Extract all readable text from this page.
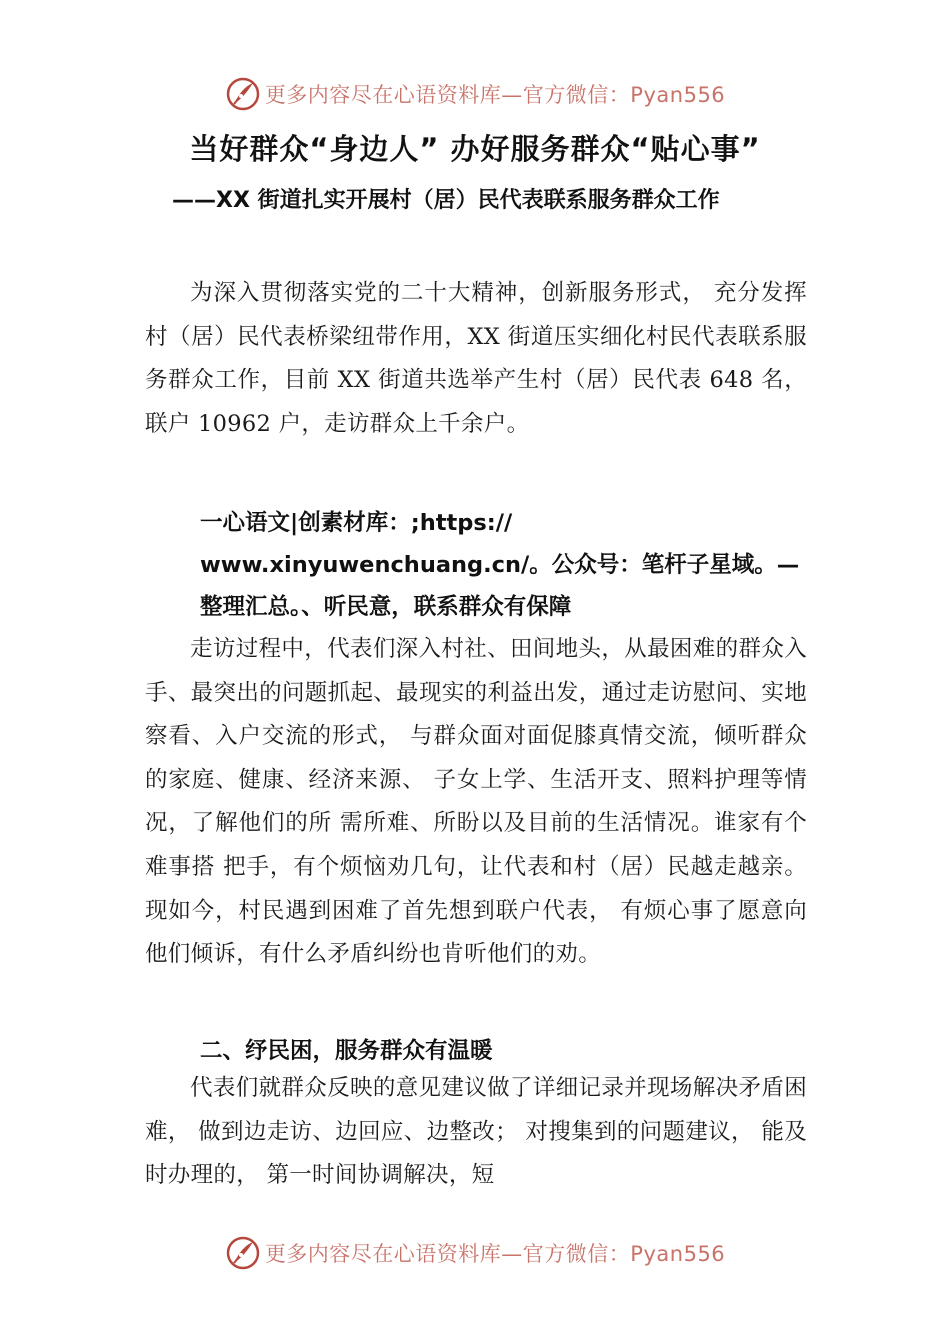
更多内容尽在心语资料库—官方微信：Pyan556
当好群众“身边人” 办好服务群众“贴心事”
——XX 街道扎实开展村（居）民代表联系服务群众工作

为深入贯彻落实党的二十大精神，创新服务形式， 充分发挥村（居）民代表桥梁纽带作用，XX 街道压实细化村民代表联系服务群众工作，目前 XX 街道共选举产生村（居）民代表 648 名，联户 10962 户，走访群众上千余户。

一心语文|创素材库：;https:// www.xinyuwenchuang.cn/。公众号：笔杆子星域。—整理汇总。、听民意，联系群众有保障

走访过程中，代表们深入村社、田间地头，从最困难的群众入手、最突出的问题抓起、最现实的利益出发，通过走访慰问、实地察看、入户交流的形式， 与群众面对面促膝真情交流，倾听群众的家庭、健康、经济来源、 子女上学、生活开支、照料护理等情况，了解他们的所 需所难、所盼以及目前的生活情况。谁家有个难事搭 把手，有个烦恼劝几句，让代表和村（居）民越走越亲。 现如今，村民遇到困难了首先想到联户代表， 有烦心事了愿意向他们倾诉，有什么矛盾纠纷也肯听他们的劝。

二、纾民困，服务群众有温暖

代表们就群众反映的意见建议做了详细记录并现场解决矛盾困难， 做到边走访、边回应、边整改； 对搜集到的问题建议， 能及时办理的， 第一时间协调解决，短

更多内容尽在心语资料库—官方微信：Pyan556
